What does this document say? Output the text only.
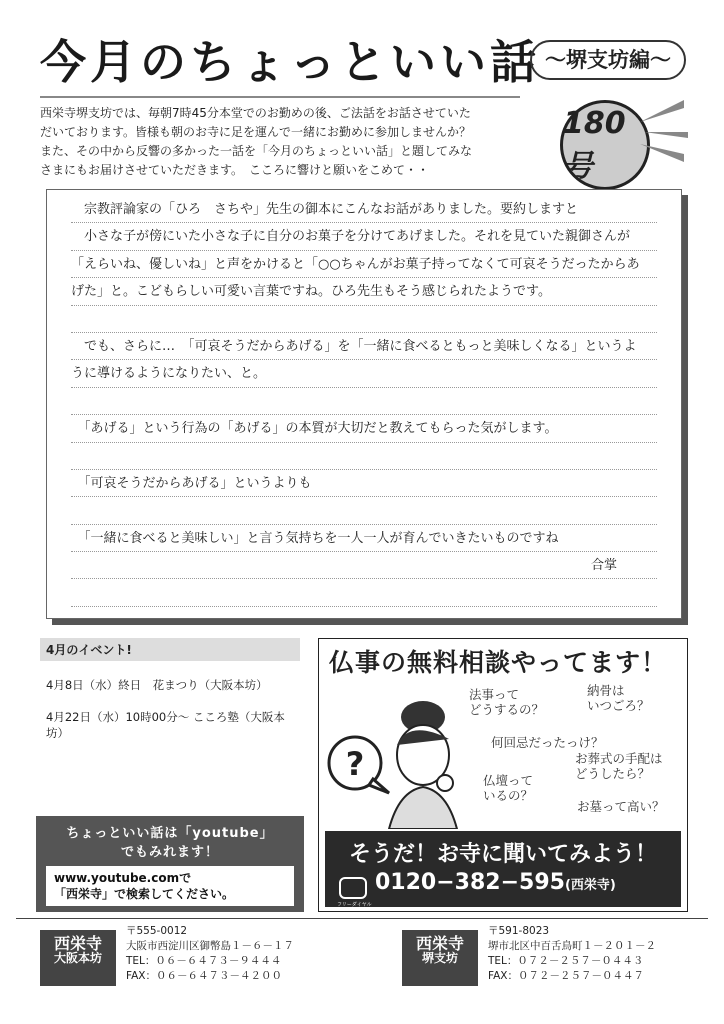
今月のちょっといい話 ～堺支坊編～
西栄寺堺支坊では、毎朝7時45分本堂でのお勤めの後、ご法話をお話させていた
だいております。皆様も朝のお寺に足を運んで一緒にお勤めに参加しませんか？
また、その中から反響の多かった一話を「今月のちょっといい話」と題してみな
さまにもお届けさせていただきます。　こころに響けと願いをこめて・・
180号
　宗教評論家の「ひろ　さちや」先生の御本にこんなお話がありました。要約しますと
　小さな子が傍にいた小さな子に自分のお菓子を分けてあげました。それを見ていた親御さんが
「えらいね、優しいね」と声をかけると「○○ちゃんがお菓子持ってなくて可哀そうだったからあ
げた」と。こどもらしい可愛い言葉ですね。ひろ先生もそう感じられたようです。
　でも、さらに…　「可哀そうだからあげる」を「一緒に食べるともっと美味しくなる」というよ
うに導けるようになりたい、と。
　「あげる」という行為の「あげる」の本質が大切だと教えてもらった気がします。
　「可哀そうだからあげる」というよりも
　「一緒に食べると美味しい」と言う気持ちを一人一人が育んでいきたいものですね
合掌
4月のイベント!
4月8日（水）終日　花まつり（大阪本坊）
4月22日（水）10時00分～ こころ塾（大阪本坊）
ちょっといい話は「youtube」
でもみれます！
www.youtube.comで
「西栄寺」で検索してください。
仏事の無料相談やってます！
?
法事って
どうするの？
納骨は
いつごろ？
何回忌だったっけ？
お葬式の手配は
どうしたら？
仏壇って
いるの？
お墓って高い？
そうだ！お寺に聞いてみよう！
フリーダイヤル
0120−382−595(西栄寺)
西栄寺
大阪本坊
〒555-0012
大阪市西淀川区御幣島１－６－１７
TEL：０６－６４７３－９４４４
FAX：０６－６４７３－４２００
西栄寺
堺支坊
〒591-8023
堺市北区中百舌鳥町１－２０１－２
TEL：０７２－２５７－０４４３
FAX：０７２－２５７－０４４７
